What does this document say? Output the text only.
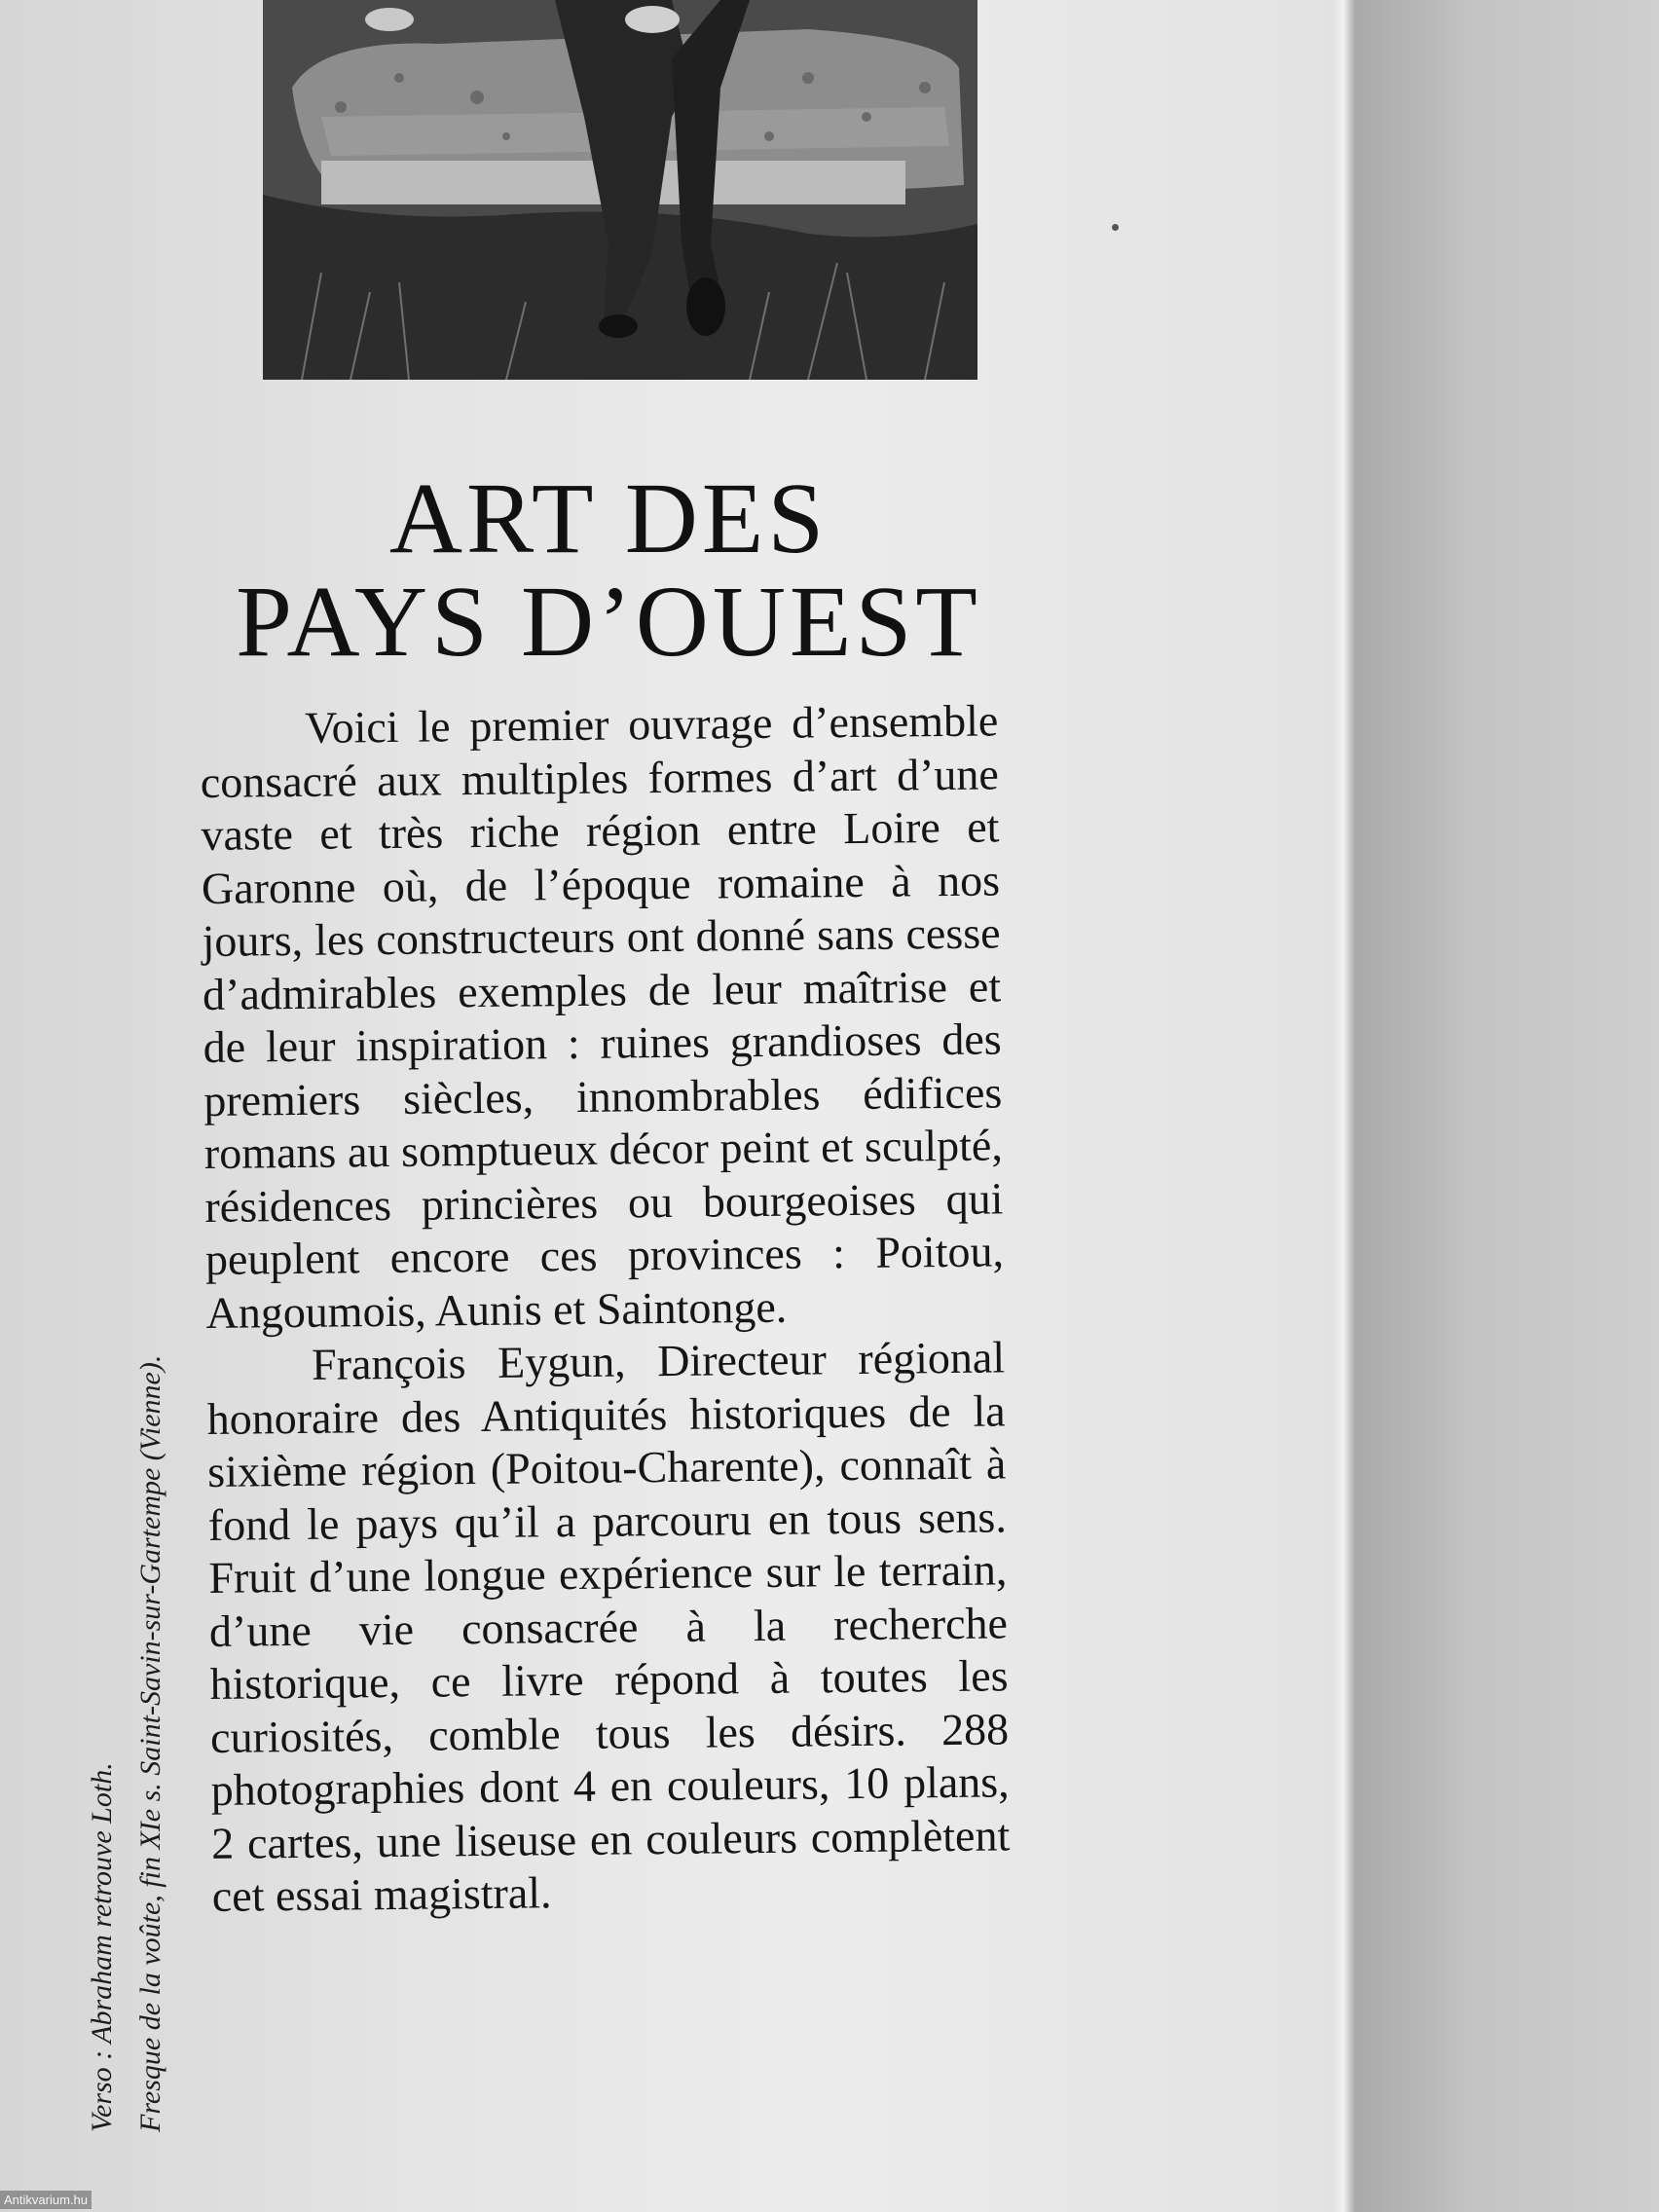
ART DES
PAYS D’OUEST

Voici le premier ouvrage d’ensemble consacré aux multiples formes d’art d’une vaste et très riche région entre Loire et Garonne où, de l’époque romaine à nos jours, les constructeurs ont donné sans cesse d’admirables exemples de leur maîtrise et de leur inspiration : ruines grandioses des premiers siècles, innombrables édifices romans au somptueux décor peint et sculpté, résidences princières ou bourgeoises qui peuplent encore ces provinces : Poitou, Angoumois, Aunis et Saintonge.

François Eygun, Directeur régional honoraire des Antiquités historiques de la sixième région (Poitou-Charente), connaît à fond le pays qu’il a parcouru en tous sens. Fruit d’une longue expérience sur le terrain, d’une vie consacrée à la recherche historique, ce livre répond à toutes les curiosités, comble tous les désirs. 288 photographies dont 4 en couleurs, 10 plans, 2 cartes, une liseuse en couleurs complètent cet essai magistral.

Verso : Abraham retrouve Loth. Fresque de la voûte, fin XIe s. Saint-Savin-sur-Gartempe (Vienne).
Antikvarium.hu
